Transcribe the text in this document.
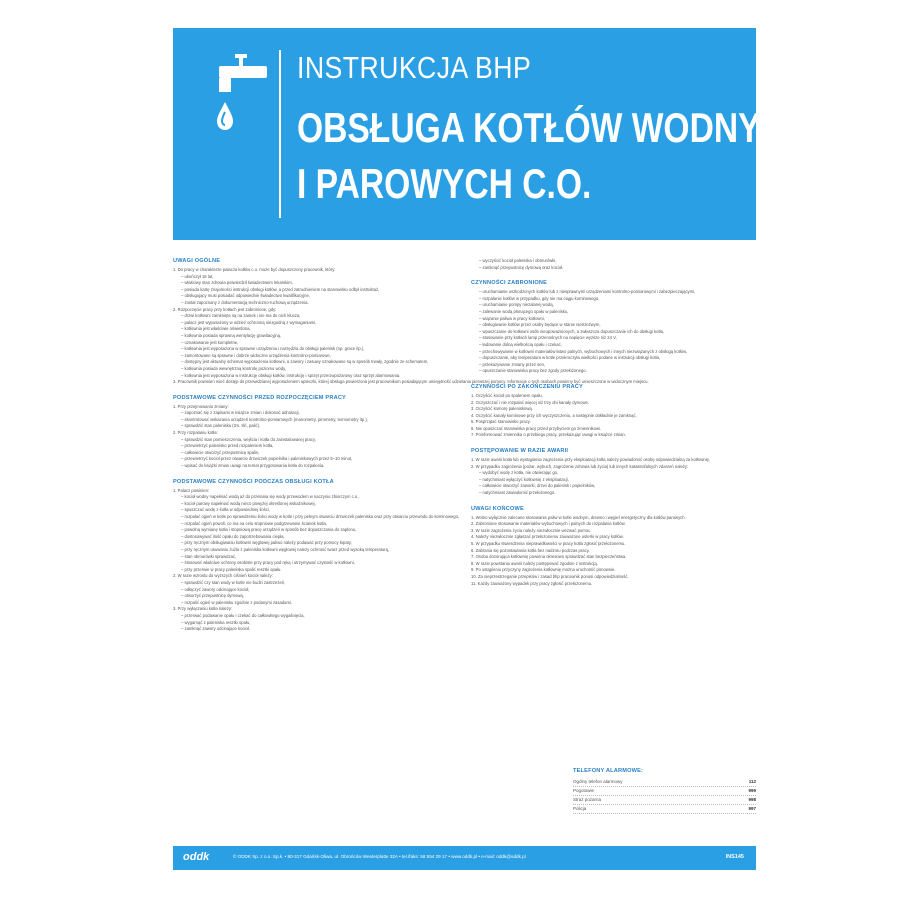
INSTRUKCJA BHP
OBSŁUGA KOTŁÓW WODNYCH
I PAROWYCH C.O.
UWAGI OGÓLNE
1. Do pracy w charakterze palacza kotłów c.o. może być dopuszczony pracownik, który:
– ukończył 18 lat,
– właściwy stan zdrowia potwierdził świadectwem lekarskim,
– posiada kartę znajomości instrukcji obsługi kotłów, a przed zatrudnieniem na stanowisku odbył instruktaż,
– obsługujący musi posiadać odpowiednie świadectwo kwalifikacyjne,
– został zapoznany z dokumentacją techniczno-ruchową urządzenia.
2. Rozpoczęcie pracy przy kotłach jest zabronione, gdy:
– drzwi kotłowni zamknięte są na zamek i nie ma do nich klucza,
– palacz jest wyposażony w odzież ochronną niezgodną z wymaganiami,
– kotłownia jest właściwie oświetlona,
– kotłownia posiada sprawną wentylację grawitacyjną,
– oznakowanie jest kompletne,
– kotłownia jest wyposażona w sprawne urządzenia i narzędzia do obsługi palenisk (np. grace itp.),
– zamontowane są sprawne i dobrze widoczne urządzenia kontrolno-pomiarowe,
– dostępny jest aktualny schemat wyposażenia kotłowni, a zawory i zasuwy oznakowane są w sposób trwały, zgodnie ze schematem,
– kotłownia posiada wewnętrzną kontrolę poziomu wody,
– kotłownia jest wyposażona w instrukcję obsługi kotłów, instrukcję i sprzęt przeciwpożarowy oraz sprzęt alarmowania.
3. Pracownik powinien mieć dostęp do przewidzianej wyposażeniem apteczki, której obsługa powierzona jest pracownikom posiadającym umiejętność udzielania pierwszej pomocy. Informacje o tych osobach powinny być umieszczone w widocznym miejscu.
PODSTAWOWE CZYNNOŚCI PRZED ROZPOCZĘCIEM PRACY
1. Przy przejmowaniu zmiany:
– zapoznać się z zapisami w książce zmian i dokonać adnotacji,
– skontrolować wskazania urządzeń kontrolno-pomiarowych (manometry, pirometry, termometry itp.),
– sprawdzić stan paleniska (tzn. tlić, palić).
2. Przy rozpalaniu kotła:
– sprawdzić stan pomieszczenia, wejścia i kotła do zainstalowanej pracy,
– przewietrzyć palenisko przed rozpaleniem kotła,
– całkowicie otworzyć przepustnicę spalin,
– przewietrzyć kocioł przez otwarcie drzwiczek popielnika i paleniskowych przez 5–10 minut,
– wpisać do książki zmian uwagi na temat przygotowania kotła do rozpalenia.
PODSTAWOWE CZYNNOŚCI PODCZAS OBSŁUGI KOTŁA
1. Palacz powinien:
– kocioł wodny napełniać wodą aż do przelania się wody przewodem w naczyniu zbiorczym c.o.,
– kocioł parowy napełniać wodą nieco powyżej określonej wskaźnikowej,
– spuszczać wodę z kotła w odpowiedniej ilości,
– rozpalać ogień w kotle po sprawdzeniu ilości wody w kotle i przy pełnym otwarciu drzwiczek paleniska oraz przy otwarciu przewodu do kominowego,
– rozpalać ogień powoli, co ma na celu stopniowe podgrzewanie ścianek kotła,
– powolną wymianę kotła i stopniową pracę urządzeń w sposób bez dopuszczania do zapłonu,
– dostosowywać ilość opału do zapotrzebowania ciepła,
– przy ręcznym obsługiwaniu kotłowni węglowej paliwo należy podawać przy pomocy łopaty,
– przy ręcznym usuwaniu żużla z paleniska kotłowni węglowej należy ochronić twarz przed wysoką temperaturą,
– stan obmurówki sprawdzać,
– stosować właściwe ochrony osobiste przy pracy pod ręką i utrzymywać czystość w kotłowni,
– przy przerwie w pracy paleniska spalić resztki opału.
2. W razie wzrostu do wyższych ciśnień kocioł należy:
– sprawdzić czy stan wody w kotle nie budzi zastrzeżeń,
– odłączyć zawory odcinające kocioł,
– otworzyć przepustnicę dymową,
– rozpalić ogień w palenisku zgodnie z podanymi zasadami.
3. Przy wyłączaniu kotła należy:
– przerwać podawanie opału i czekać do całkowitego wygaśnięcia,
– wygarnąć z paleniska resztki opału,
– zamknąć zawory odcinające kocioł.
– wyczyścić kocioł paleniska i obmurówki,
– zamknąć przepustnicę dymową oraz kocioł.
CZYNNOŚCI ZABRONIONE
– uruchamianie uszkodzonych kotłów lub z niesprawnymi urządzeniami kontrolno-pomiarowymi i zabezpieczającymi,
– rozpalanie kotłów w przypadku, gdy nie ma ciągu kominowego,
– uruchamianie pompy niezalanej wodą,
– zalewanie wodą płonącego opału w palenisku,
– wiązanie paliwa w pracy kotłowni,
– obsługiwanie kotłów przez osoby będące w stanie nietrzeźwym,
– wpuszczanie do kotłowni osób nieupoważnionych, a zwłaszcza dopuszczanie ich do obsługi kotła,
– stosowanie przy kotłach lamp przenośnych na napięcie wyższe niż 24 V,
– ładowanie dolną wielkością opału i czekać,
– przechowywanie w kotłowni materiałów łatwo palnych, wybuchowych i innych niezwiązanych z obsługą kotłów,
– dopuszczanie, aby temperatura w kotle przekroczyła wielkości podane w instrukcji obsługi kotła,
– przekazywanie zmiany przez sen,
– opuszczanie stanowiska pracy bez zgody przełożonego.
CZYNNOŚCI PO ZAKOŃCZENIU PRACY
1. Oczyścić kocioł po spaleniem opału.
2. Oczyszczać i nie rozpalać więcej niż trzy dni kanały dymowe.
3. Oczyścić komorę paleniskową.
4. Oczyścić kanały kominowe przy ich wyczyszczeniu, a następnie dokładnie je zamknąć.
5. Posprzątać stanowisko pracy.
6. Nie opuszczać stanowiska pracy przed przybyciem go zmiennikowi.
7. Poinformować zmiennika o przebiegu pracy, przekazując uwagi w książce zmian.
POSTĘPOWANIE W RAZIE AWARII
1. W razie awarii kotła lub wystąpienia zagrożenia przy eksploatacji kotła należy powiadomić osobę odpowiedzialną za kotłownię,
2. W przypadku zagrożenia (pożar, wybuch, zagrożenie zdrowia lub życia) lub innych katastrofalnych zdarzeń należy:
– wydobyć wodę z kotła, nie otwierając go,
– natychmiast wyłączyć kotłownię z eksploatacji,
– całkowicie otworzyć zaworki, drzwi do palenisk i popielników,
– natychmiast zawiadomić przełożonego.
UWAGI KOŃCOWE
1. Wolno wyłącznie zalecane stosowanie paliw w kotle wodnym, drewno i węgiel energetyczny dla kotłów parowych.
2. Zabronione stosowanie materiałów wybuchowych i palnych do rozpalania kotłów.
3. W razie zagrożenia życia należy niezwłocznie wezwać pomoc.
4. Należy niezwłocznie zgłaszać przełożonemu zauważone usterki w pracy kotłów.
5. W przypadku stwierdzenia nieprawidłowości w pracy kotła zgłosić przełożonemu.
6. Zabrania się pozostawiania kotła bez nadzoru podczas pracy.
7. Osoba dozorująca kotłownię powinna okresowo sprawdzać stan bezpieczeństwa.
8. W razie powstania awarii należy postępować zgodnie z instrukcją.
9. Po ustąpieniu przyczyny zagrożenia kotłownię można uruchomić ponownie.
10. Za nieprzestrzeganie przepisów i zasad bhp pracownik ponosi odpowiedzialność.
11. Każdy zauważony wypadek przy pracy zgłosić przełożonemu.
TELEFONY ALARMOWE:
Ogólny telefon alarmowy	112
Pogotowie	999
Straż pożarna	998
Policja	997
oddk	© ODDK Sp. z o.o. Sp.k. • 80-317 Gdańsk-Oliwa, ul. Obrońców Westerplatte 32A • tel./faks: 58 554 29 17 • www.oddk.pl • e-mail: oddk@oddk.pl	INS145
